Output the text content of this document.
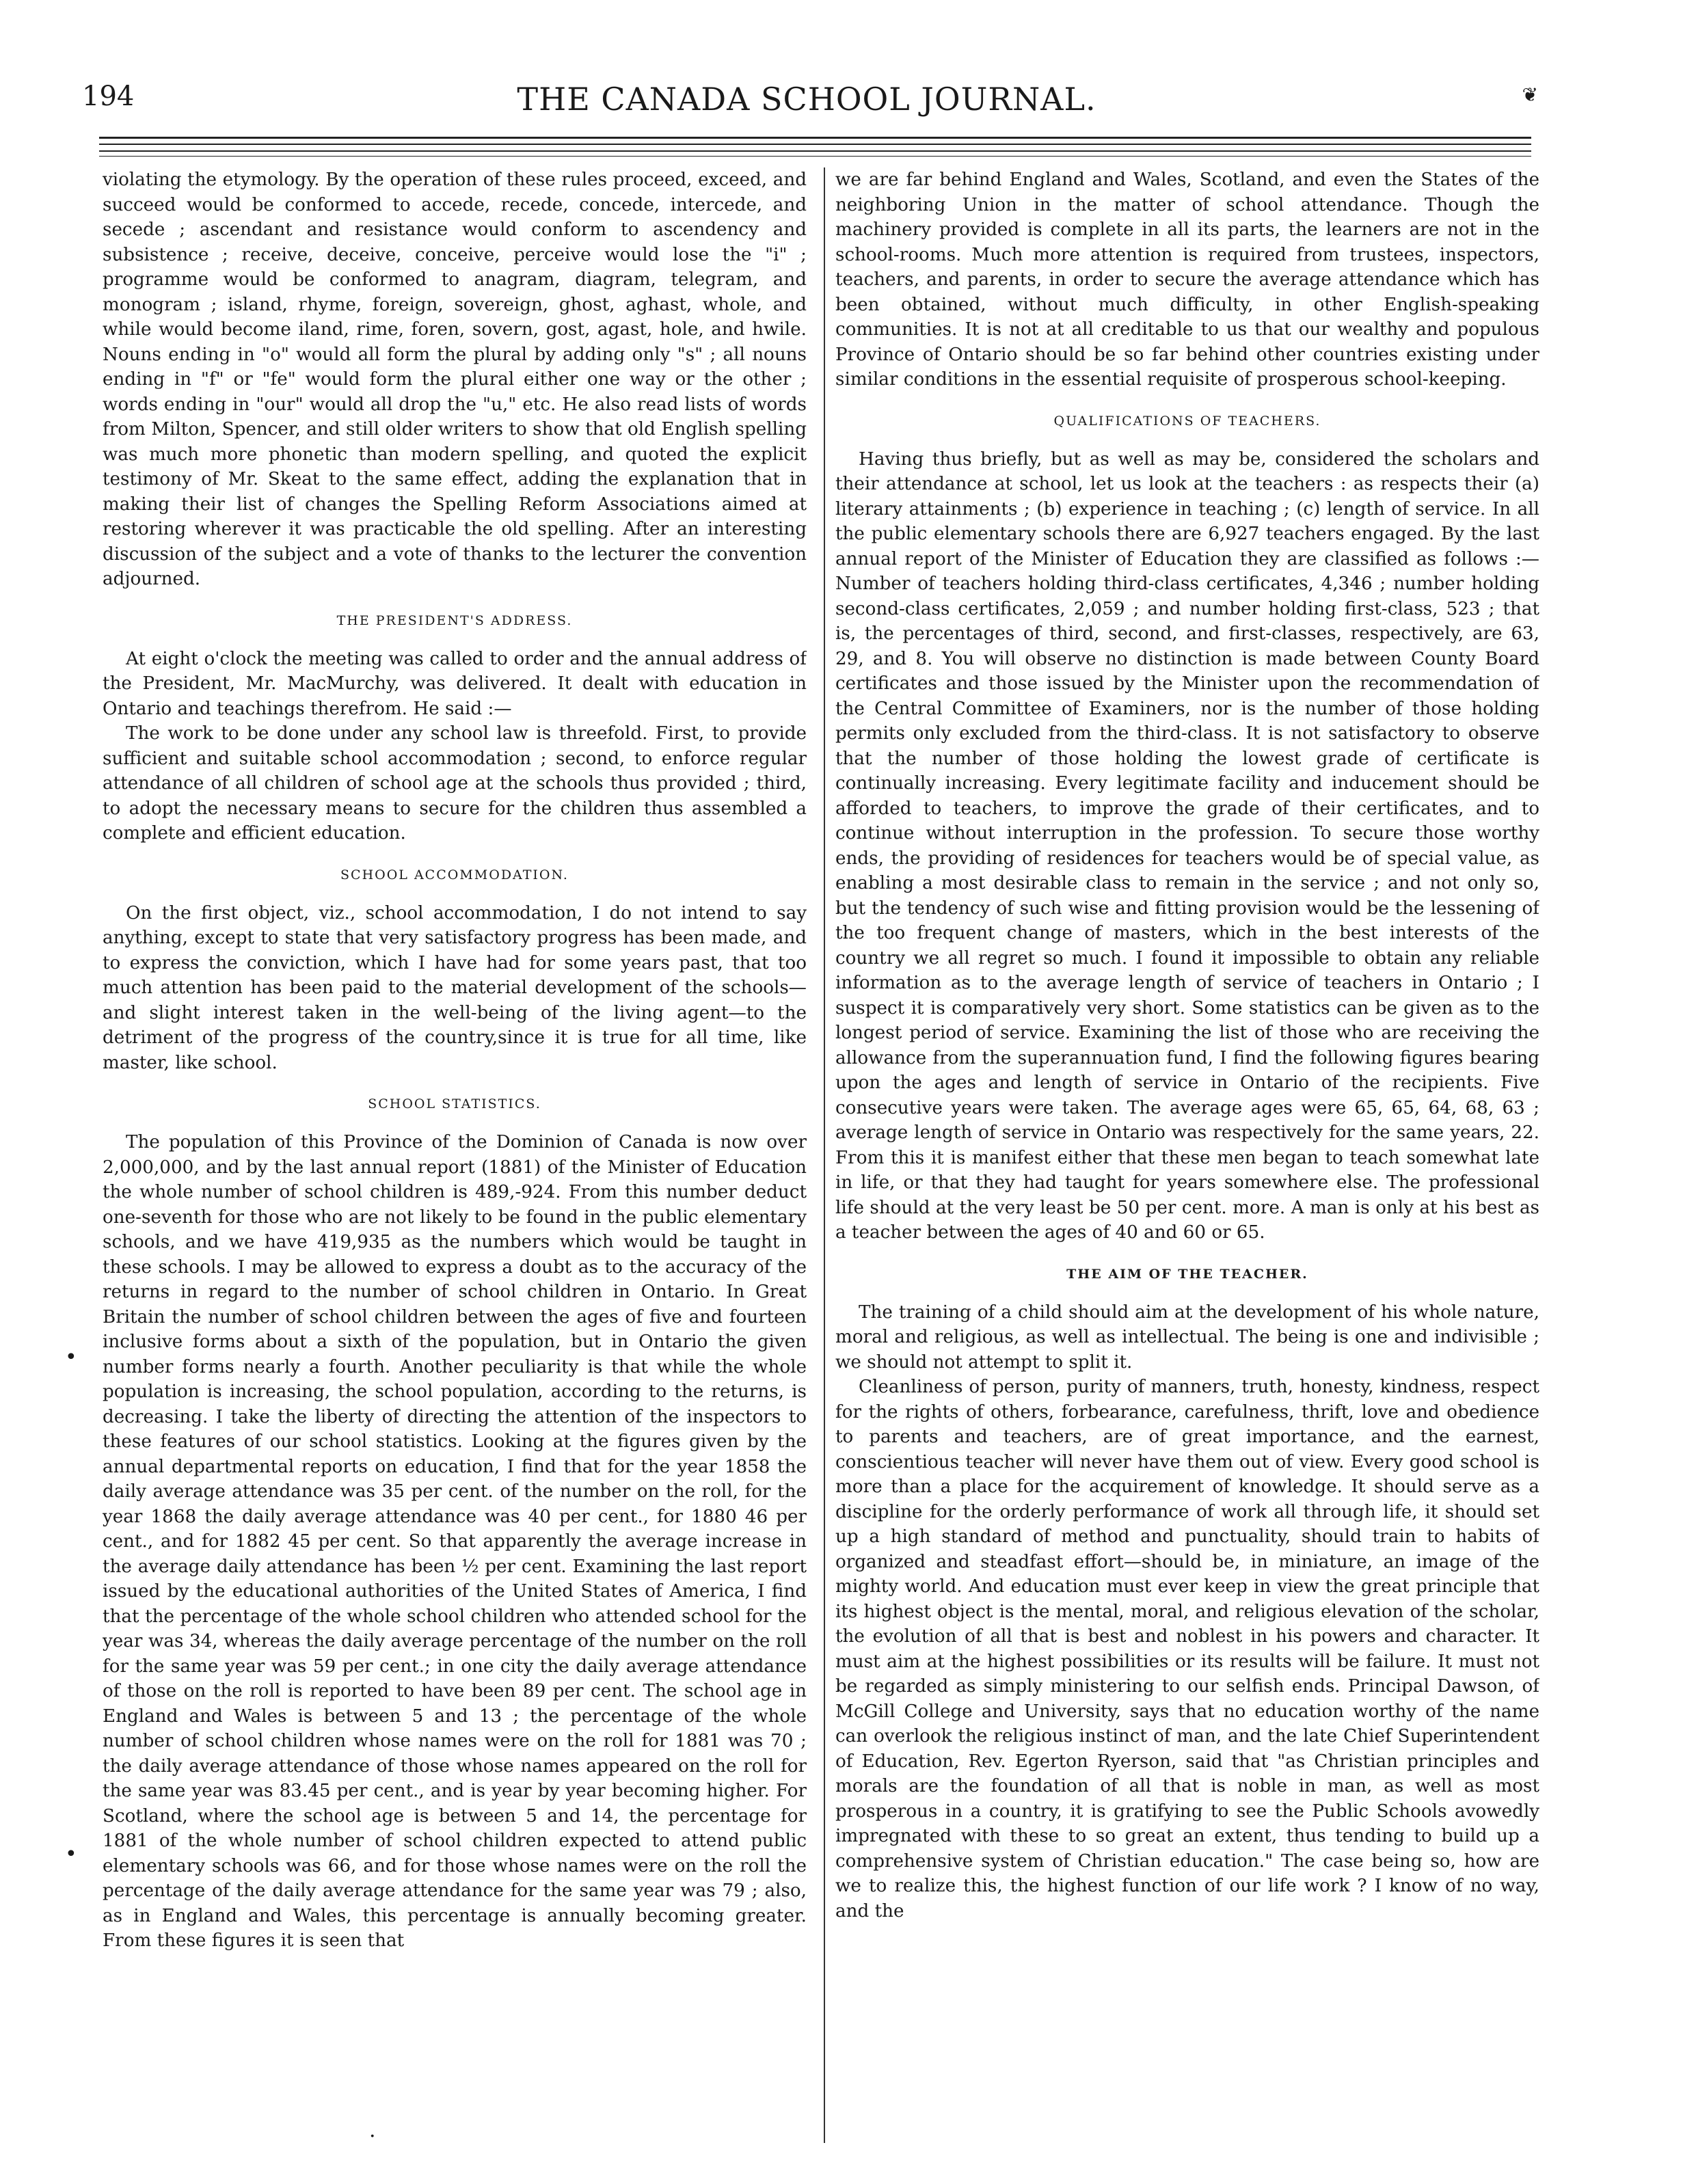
194	THE CANADA SCHOOL JOURNAL.	❦

violating the etymology. By the operation of these rules proceed, exceed, and succeed would be conformed to accede, recede, concede, intercede, and secede ; ascendant and resistance would conform to ascendency and subsistence ; receive, deceive, conceive, perceive would lose the "i" ; programme would be conformed to anagram, diagram, telegram, and monogram ; island, rhyme, foreign, sovereign, ghost, aghast, whole, and while would become iland, rime, foren, sovern, gost, agast, hole, and hwile. Nouns ending in "o" would all form the plural by adding only "s" ; all nouns ending in "f" or "fe" would form the plural either one way or the other ; words ending in "our" would all drop the "u," etc. He also read lists of words from Milton, Spencer, and still older writers to show that old English spelling was much more phonetic than modern spelling, and quoted the explicit testimony of Mr. Skeat to the same effect, adding the explanation that in making their list of changes the Spelling Reform Associations aimed at restoring wherever it was practicable the old spelling. After an interesting discussion of the subject and a vote of thanks to the lecturer the convention adjourned.

THE PRESIDENT'S ADDRESS.

At eight o'clock the meeting was called to order and the annual address of the President, Mr. MacMurchy, was delivered. It dealt with education in Ontario and teachings therefrom. He said :—

The work to be done under any school law is threefold. First, to provide sufficient and suitable school accommodation ; second, to enforce regular attendance of all children of school age at the schools thus provided ; third, to adopt the necessary means to secure for the children thus assembled a complete and efficient education.

SCHOOL ACCOMMODATION.

On the first object, viz., school accommodation, I do not intend to say anything, except to state that very satisfactory progress has been made, and to express the conviction, which I have had for some years past, that too much attention has been paid to the material development of the schools—and slight interest taken in the well-being of the living agent—to the detriment of the progress of the country,since it is true for all time, like master, like school.

SCHOOL STATISTICS.

The population of this Province of the Dominion of Canada is now over 2,000,000, and by the last annual report (1881) of the Minister of Education the whole number of school children is 489,-924. From this number deduct one-seventh for those who are not likely to be found in the public elementary schools, and we have 419,935 as the numbers which would be taught in these schools. I may be allowed to express a doubt as to the accuracy of the returns in regard to the number of school children in Ontario. In Great Britain the number of school children between the ages of five and fourteen inclusive forms about a sixth of the population, but in Ontario the given number forms nearly a fourth. Another peculiarity is that while the whole population is increasing, the school population, according to the returns, is decreasing. I take the liberty of directing the attention of the inspectors to these features of our school statistics. Looking at the figures given by the annual departmental reports on education, I find that for the year 1858 the daily average attendance was 35 per cent. of the number on the roll, for the year 1868 the daily average attendance was 40 per cent., for 1880 46 per cent., and for 1882 45 per cent. So that apparently the average increase in the average daily attendance has been ½ per cent. Examining the last report issued by the educational authorities of the United States of America, I find that the percentage of the whole school children who attended school for the year was 34, whereas the daily average percentage of the number on the roll for the same year was 59 per cent.; in one city the daily average attendance of those on the roll is reported to have been 89 per cent. The school age in England and Wales is between 5 and 13 ; the percentage of the whole number of school children whose names were on the roll for 1881 was 70 ; the daily average attendance of those whose names appeared on the roll for the same year was 83.45 per cent., and is year by year becoming higher. For Scotland, where the school age is between 5 and 14, the percentage for 1881 of the whole number of school children expected to attend public elementary schools was 66, and for those whose names were on the roll the percentage of the daily average attendance for the same year was 79 ; also, as in England and Wales, this percentage is annually becoming greater. From these figures it is seen that

we are far behind England and Wales, Scotland, and even the States of the neighboring Union in the matter of school attendance. Though the machinery provided is complete in all its parts, the learners are not in the school-rooms. Much more attention is required from trustees, inspectors, teachers, and parents, in order to secure the average attendance which has been obtained, without much difficulty, in other English-speaking communities. It is not at all creditable to us that our wealthy and populous Province of Ontario should be so far behind other countries existing under similar conditions in the essential requisite of prosperous school-keeping.

QUALIFICATIONS OF TEACHERS.

Having thus briefly, but as well as may be, considered the scholars and their attendance at school, let us look at the teachers : as respects their (a) literary attainments ; (b) experience in teaching ; (c) length of service. In all the public elementary schools there are 6,927 teachers engaged. By the last annual report of the Minister of Education they are classified as follows :—Number of teachers holding third-class certificates, 4,346 ; number holding second-class certificates, 2,059 ; and number holding first-class, 523 ; that is, the percentages of third, second, and first-classes, respectively, are 63, 29, and 8. You will observe no distinction is made between County Board certificates and those issued by the Minister upon the recommendation of the Central Committee of Examiners, nor is the number of those holding permits only excluded from the third-class. It is not satisfactory to observe that the number of those holding the lowest grade of certificate is continually increasing. Every legitimate facility and inducement should be afforded to teachers, to improve the grade of their certificates, and to continue without interruption in the profession. To secure those worthy ends, the providing of residences for teachers would be of special value, as enabling a most desirable class to remain in the service ; and not only so, but the tendency of such wise and fitting provision would be the lessening of the too frequent change of masters, which in the best interests of the country we all regret so much. I found it impossible to obtain any reliable information as to the average length of service of teachers in Ontario ; I suspect it is comparatively very short. Some statistics can be given as to the longest period of service. Examining the list of those who are receiving the allowance from the superannuation fund, I find the following figures bearing upon the ages and length of service in Ontario of the recipients. Five consecutive years were taken. The average ages were 65, 65, 64, 68, 63 ; average length of service in Ontario was respectively for the same years, 22. From this it is manifest either that these men began to teach somewhat late in life, or that they had taught for years somewhere else. The professional life should at the very least be 50 per cent. more. A man is only at his best as a teacher between the ages of 40 and 60 or 65.

THE AIM OF THE TEACHER.

The training of a child should aim at the development of his whole nature, moral and religious, as well as intellectual. The being is one and indivisible ; we should not attempt to split it.

Cleanliness of person, purity of manners, truth, honesty, kindness, respect for the rights of others, forbearance, carefulness, thrift, love and obedience to parents and teachers, are of great importance, and the earnest, conscientious teacher will never have them out of view. Every good school is more than a place for the acquirement of knowledge. It should serve as a discipline for the orderly performance of work all through life, it should set up a high standard of method and punctuality, should train to habits of organized and steadfast effort—should be, in miniature, an image of the mighty world. And education must ever keep in view the great principle that its highest object is the mental, moral, and religious elevation of the scholar, the evolution of all that is best and noblest in his powers and character. It must aim at the highest possibilities or its results will be failure. It must not be regarded as simply ministering to our selfish ends. Principal Dawson, of McGill College and University, says that no education worthy of the name can overlook the religious instinct of man, and the late Chief Superintendent of Education, Rev. Egerton Ryerson, said that "as Christian principles and morals are the foundation of all that is noble in man, as well as most prosperous in a country, it is gratifying to see the Public Schools avowedly impregnated with these to so great an extent, thus tending to build up a comprehensive system of Christian education." The case being so, how are we to realize this, the highest function of our life work ? I know of no way, and the

•
•
·
